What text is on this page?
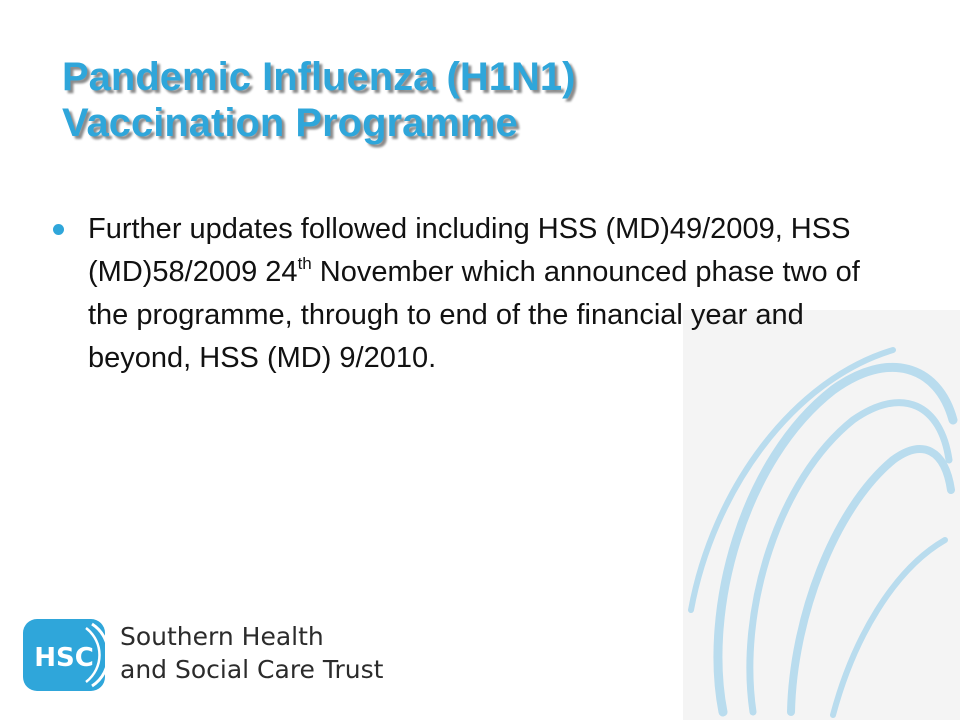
Pandemic Influenza (H1N1)
Vaccination Programme
Further updates followed including HSS (MD)49/2009, HSS (MD)58/2009 24th November which announced phase two of the programme, through to end of the financial year and beyond, HSS (MD) 9/2010.
HSC
Southern Health
and Social Care Trust
